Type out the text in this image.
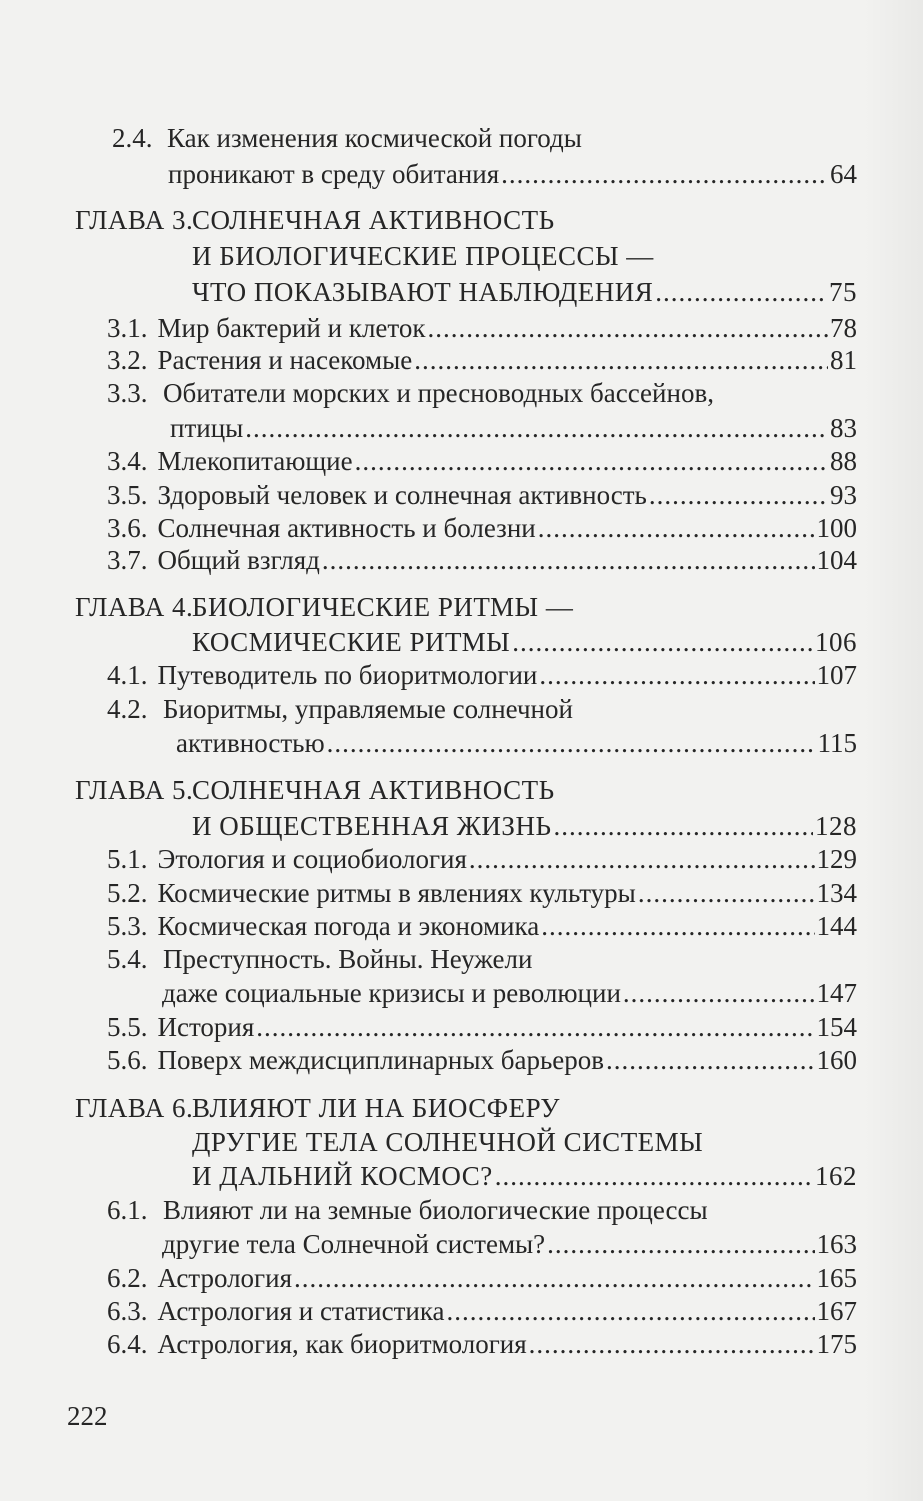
2.4. Как изменения космической погоды
проникают в среду обитания .....	64
ГЛАВА 3.
СОЛНЕЧНАЯ АКТИВНОСТЬ
И БИОЛОГИЧЕСКИЕ ПРОЦЕССЫ —
ЧТО ПОКАЗЫВАЮТ НАБЛЮДЕНИЯ .....	75
3.1. Мир бактерий и клеток .....	78
3.2. Растения и насекомые .....	81
3.3. Обитатели морских и пресноводных бассейнов,
птицы .....	83
3.4. Млекопитающие .....	88
3.5. Здоровый человек и солнечная активность .....	93
3.6. Солнечная активность и болезни .....	100
3.7. Общий взгляд .....	104
ГЛАВА 4.
БИОЛОГИЧЕСКИЕ РИТМЫ —
КОСМИЧЕСКИЕ РИТМЫ .....	106
4.1. Путеводитель по биоритмологии .....	107
4.2. Биоритмы, управляемые солнечной
активностью .....	115
ГЛАВА 5.
СОЛНЕЧНАЯ АКТИВНОСТЬ
И ОБЩЕСТВЕННАЯ ЖИЗНЬ .....	128
5.1. Этология и социобиология .....	129
5.2. Космические ритмы в явлениях культуры .....	134
5.3. Космическая погода и экономика .....	144
5.4. Преступность. Войны. Неужели
даже социальные кризисы и революции .....	147
5.5. История .....	154
5.6. Поверх междисциплинарных барьеров .....	160
ГЛАВА 6.
ВЛИЯЮТ ЛИ НА БИОСФЕРУ
ДРУГИЕ ТЕЛА СОЛНЕЧНОЙ СИСТЕМЫ
И ДАЛЬНИЙ КОСМОС? .....	162
6.1. Влияют ли на земные биологические процессы
другие тела Солнечной системы? .....	163
6.2. Астрология .....	165
6.3. Астрология и статистика .....	167
6.4. Астрология, как биоритмология .....	175
222
